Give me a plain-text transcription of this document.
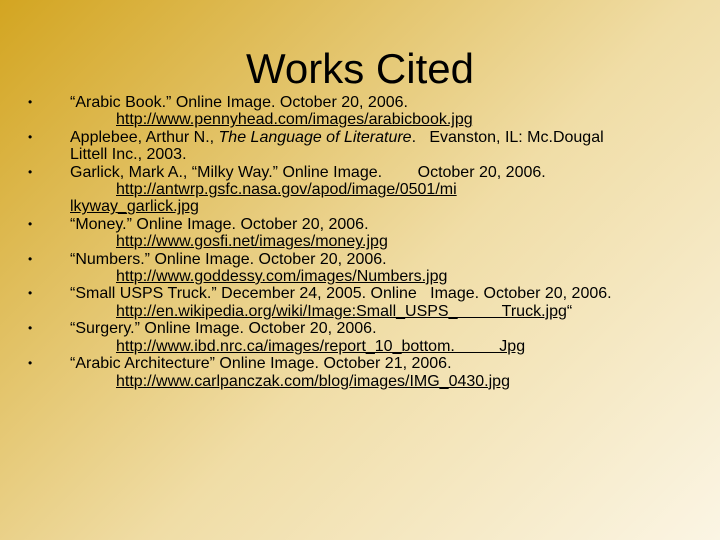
Works Cited
• “Arabic Book.” Online Image. October 20, 2006.
http://www.pennyhead.com/images/arabicbook.jpg
• Applebee, Arthur N., The Language of Literature.   Evanston, IL: Mc.Dougal
Littell Inc., 2003.
• Garlick, Mark A., “Milky Way.” Online Image.        October 20, 2006.
http://antwrp.gsfc.nasa.gov/apod/image/0501/mi
lkyway_garlick.jpg
• “Money.” Online Image. October 20, 2006.
http://www.gosfi.net/images/money.jpg
• “Numbers.” Online Image. October 20, 2006.
http://www.goddessy.com/images/Numbers.jpg
• “Small USPS Truck.” December 24, 2005. Online   Image. October 20, 2006.
http://en.wikipedia.org/wiki/Image:Small_USPS_          Truck.jpg“
• “Surgery.” Online Image. October 20, 2006.
http://www.ibd.nrc.ca/images/report_10_bottom.          Jpg
• “Arabic Architecture” Online Image. October 21, 2006.
http://www.carlpanczak.com/blog/images/IMG_0430.jpg
